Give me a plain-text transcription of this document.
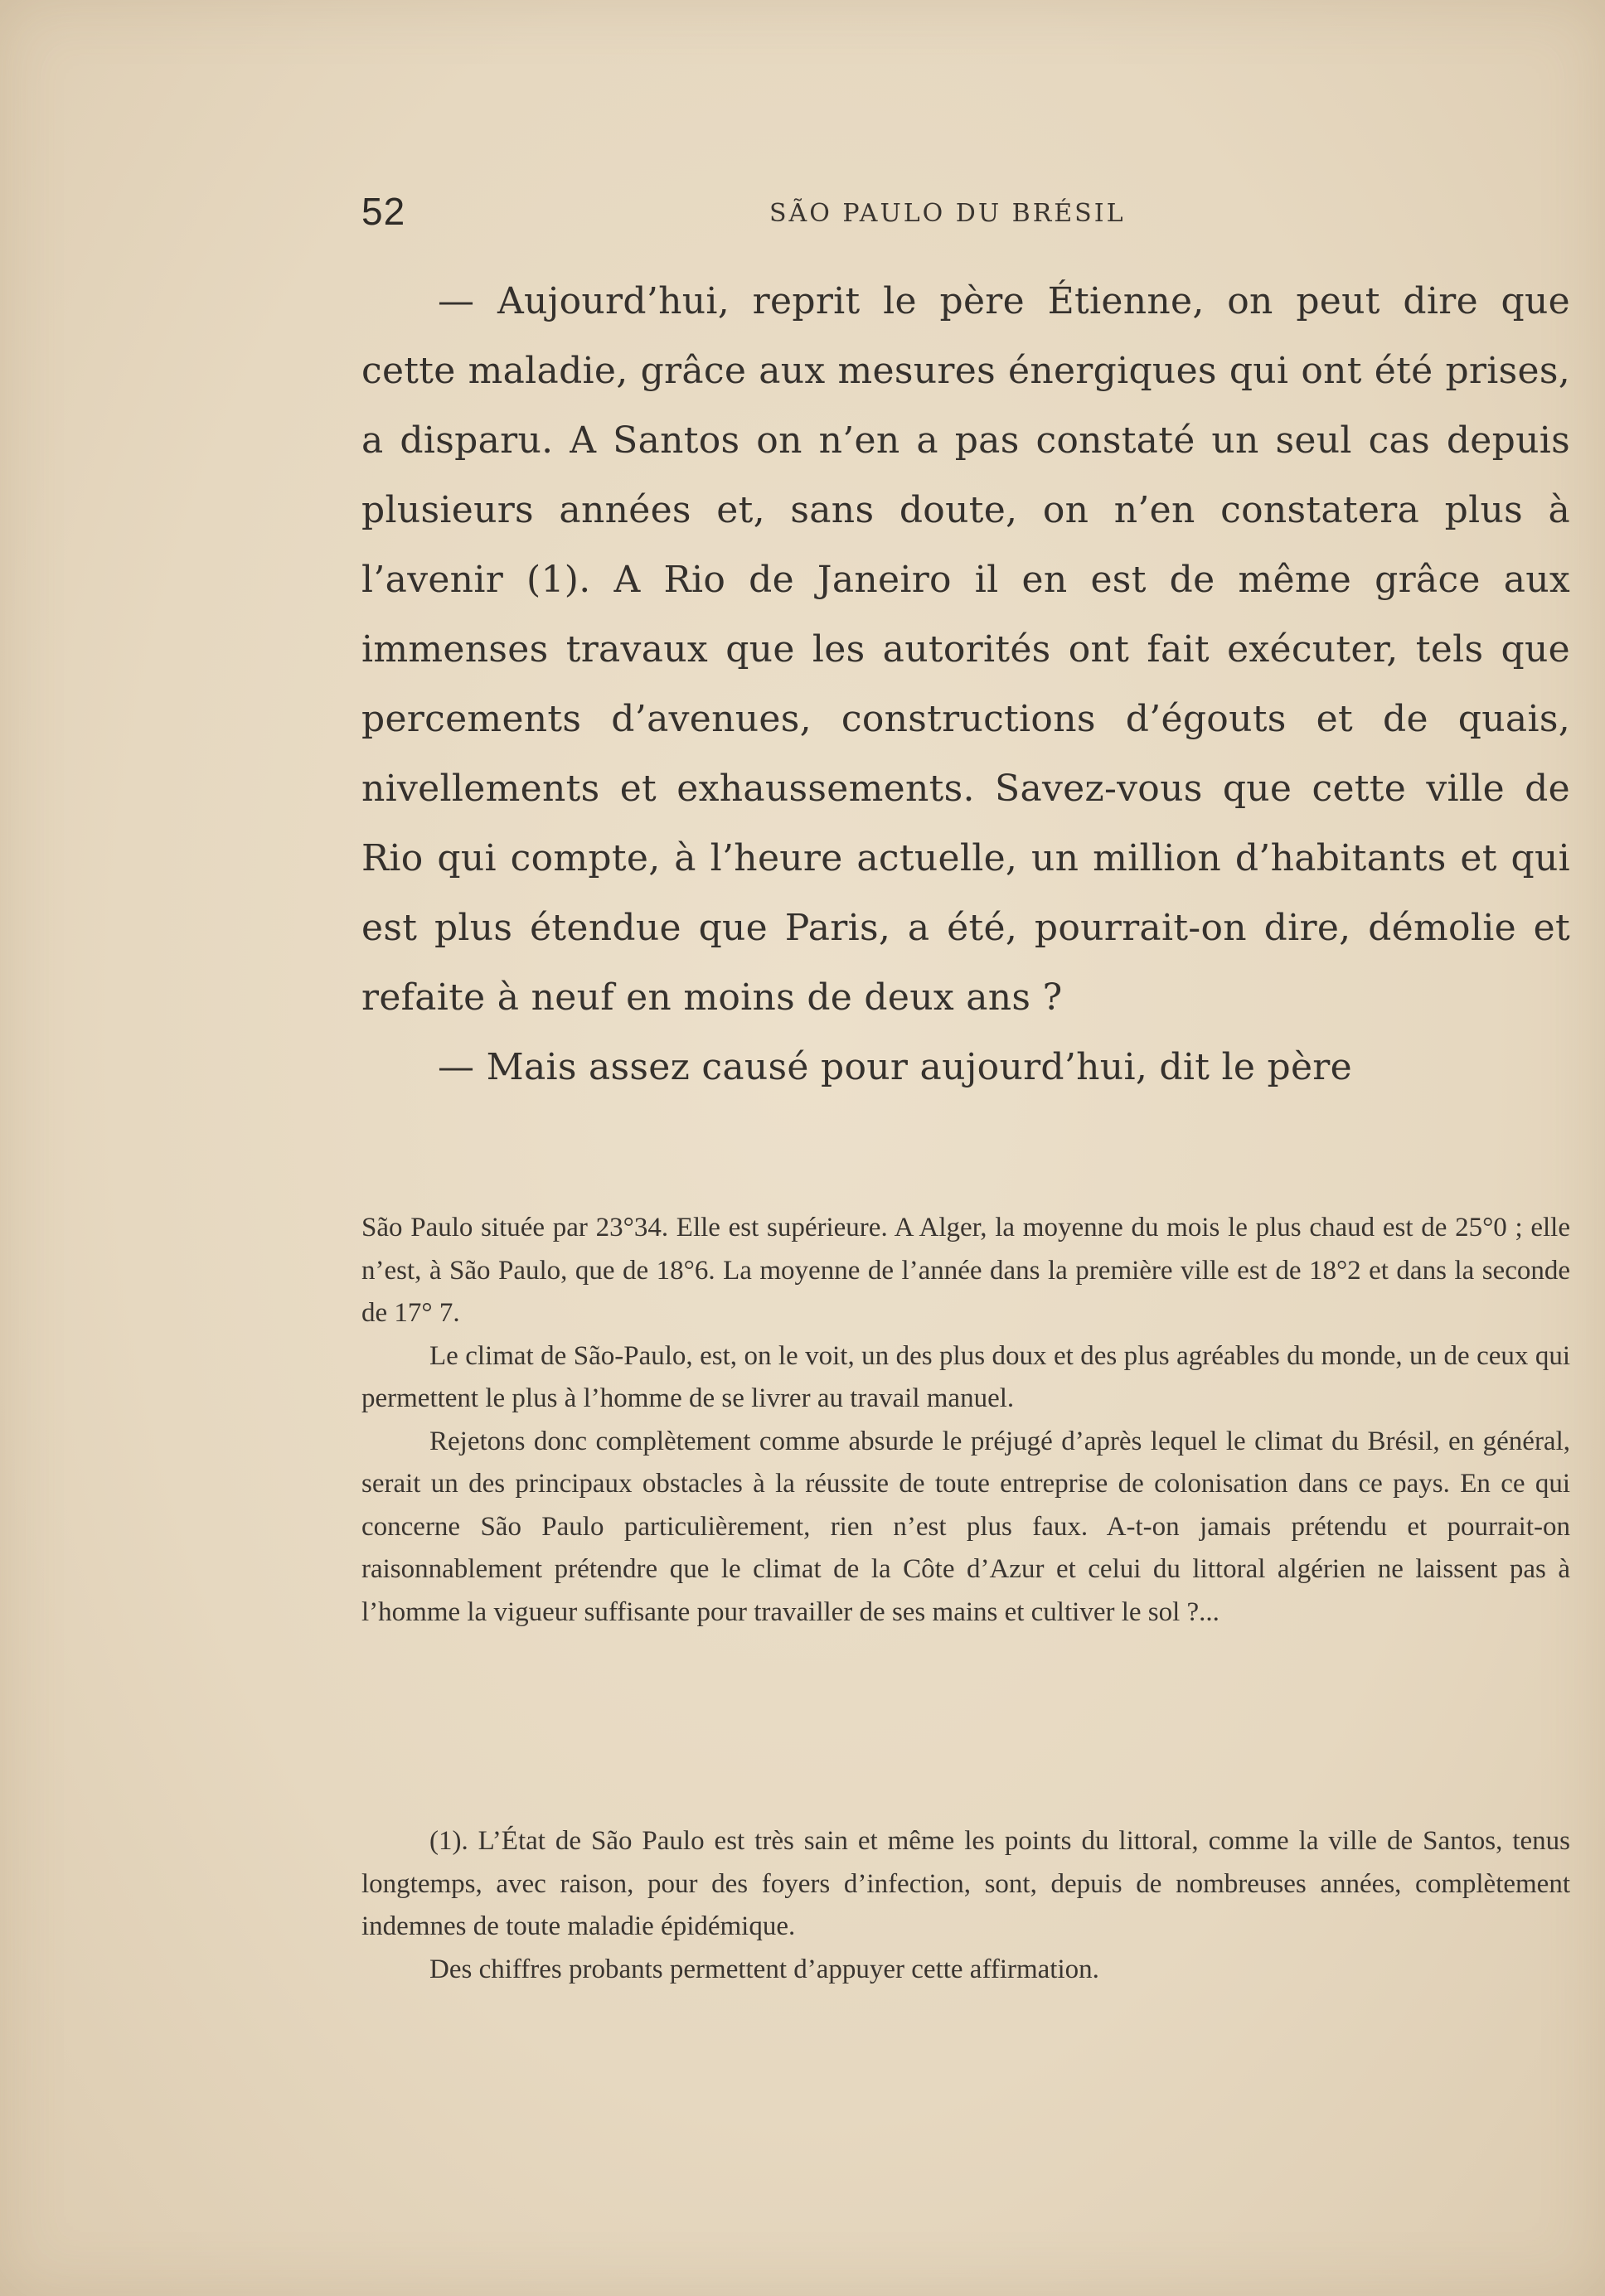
52	SÃO PAULO DU BRÉSIL

— Aujourd’hui, reprit le père Étienne, on peut dire que cette maladie, grâce aux mesures énergiques qui ont été prises, a disparu. A Santos on n’en a pas constaté un seul cas depuis plusieurs années et, sans doute, on n’en constatera plus à l’avenir (1). A Rio de Janeiro il en est de même grâce aux immenses travaux que les autorités ont fait exécuter, tels que percements d’avenues, constructions d’égouts et de quais, nivellements et exhaussements. Savez-vous que cette ville de Rio qui compte, à l’heure actuelle, un million d’habitants et qui est plus étendue que Paris, a été, pourrait-on dire, démolie et refaite à neuf en moins de deux ans ?

— Mais assez causé pour aujourd’hui, dit le père

São Paulo située par 23°34. Elle est supérieure. A Alger, la moyenne du mois le plus chaud est de 25°0 ; elle n’est, à São Paulo, que de 18°6. La moyenne de l’année dans la première ville est de 18°2 et dans la seconde de 17° 7.

Le climat de São-Paulo, est, on le voit, un des plus doux et des plus agréables du monde, un de ceux qui permettent le plus à l’homme de se livrer au travail manuel.

Rejetons donc complètement comme absurde le préjugé d’après lequel le climat du Brésil, en général, serait un des principaux obstacles à la réussite de toute entreprise de colonisation dans ce pays. En ce qui concerne São Paulo particulièrement, rien n’est plus faux. A-t-on jamais prétendu et pourrait-on raisonnablement prétendre que le climat de la Côte d’Azur et celui du littoral algérien ne laissent pas à l’homme la vigueur suffisante pour travailler de ses mains et cultiver le sol ?...

(1). L’État de São Paulo est très sain et même les points du littoral, comme la ville de Santos, tenus longtemps, avec raison, pour des foyers d’infection, sont, depuis de nombreuses années, complètement indemnes de toute maladie épidémique.

Des chiffres probants permettent d’appuyer cette affirmation.
